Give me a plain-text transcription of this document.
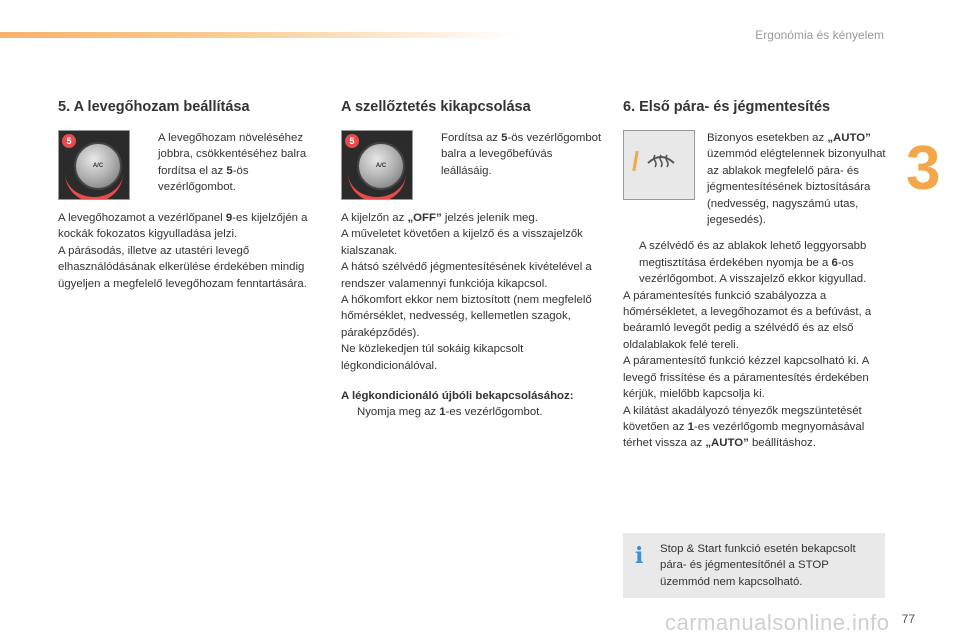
Ergonómia és kényelem
3
5. A levegőhozam beállítása
A/C
5	A levegőhozam növeléséhez jobbra, csökkentéséhez balra fordítsa el az 5-ös vezérlőgombot.
A levegőhozamot a vezérlőpanel 9-es kijelzőjén a kockák fokozatos kigyulladása jelzi.
A párásodás, illetve az utastéri levegő elhasználódásának elkerülése érdekében mindig ügyeljen a megfelelő levegőhozam fenntartására.
A szellőztetés kikapcsolása
A/C
5	Fordítsa az 5-ös vezérlőgombot balra a levegőbefúvás leállásáig.
A kijelzőn az „OFF” jelzés jelenik meg.
A műveletet követően a kijelző és a visszajelzők kialszanak.
A hátsó szélvédő jégmentesítésének kivételével a rendszer valamennyi funkciója kikapcsol.
A hőkomfort ekkor nem biztosított (nem megfelelő hőmérséklet, nedvesség, kellemetlen szagok, páraképződés).
Ne közlekedjen túl sokáig kikapcsolt légkondicionálóval.
A légkondicionáló újbóli bekapcsolásához:
Nyomja meg az 1-es vezérlőgombot.
6. Első pára- és jégmentesítés
Bizonyos esetekben az „AUTO” üzemmód elégtelennek bizonyulhat az ablakok megfelelő pára- és jégmentesítésének biztosítására (nedvesség, nagyszámú utas, jegesedés).
A szélvédő és az ablakok lehető leggyorsabb megtisztítása érdekében nyomja be a 6-os vezérlőgombot. A visszajelző ekkor kigyullad.
A páramentesítés funkció szabályozza a hőmérsékletet, a levegőhozamot és a befúvást, a beáramló levegőt pedig a szélvédő és az első oldalablakok felé tereli.
A páramentesítő funkció kézzel kapcsolható ki. A levegő frissítése és a páramentesítés érdekében kérjük, mielőbb kapcsolja ki.
A kilátást akadályozó tényezők megszüntetését követően az 1-es vezérlőgomb megnyomásával térhet vissza az „AUTO” beállításhoz.
i Stop & Start funkció esetén bekapcsolt pára- és jégmentesítőnél a STOP üzemmód nem kapcsolható.
carmanualsonline.info 77
